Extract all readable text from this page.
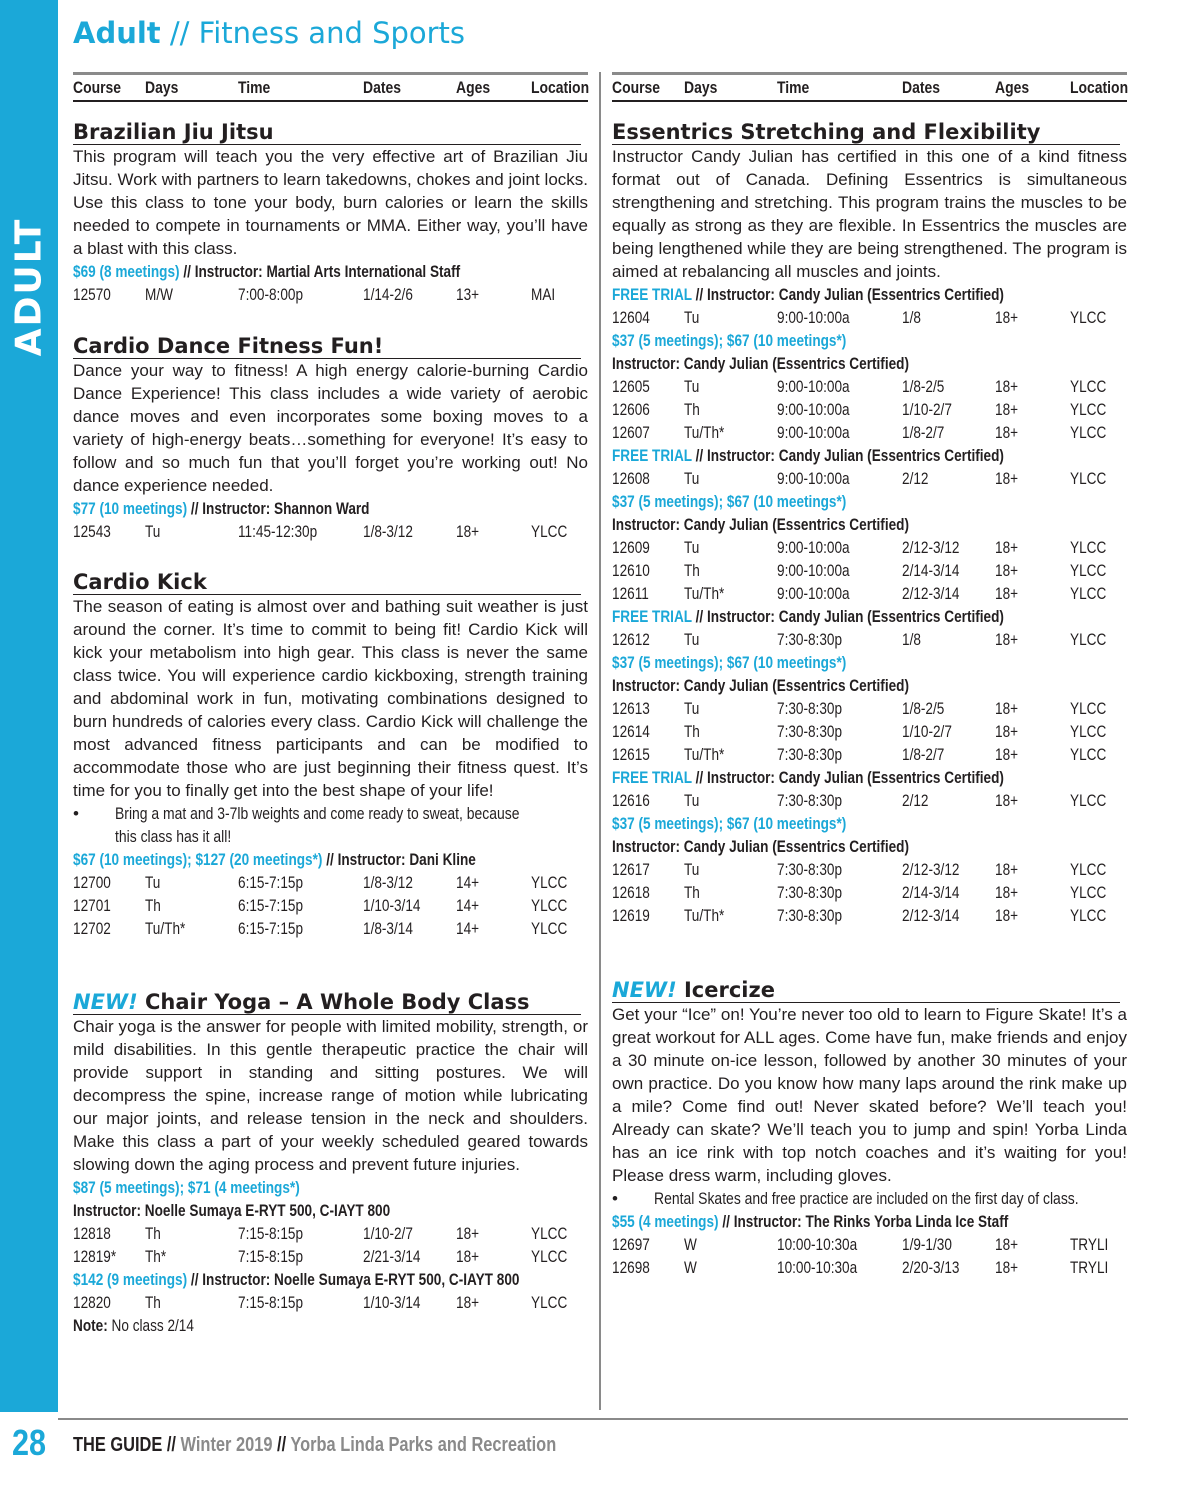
ADULT
28
Adult // Fitness and Sports
Course Days	Time	Dates	Ages Location
Brazilian Jiu Jitsu
This program will teach you the very effective art of Brazilian Jiu Jitsu. Work with partners to learn takedowns, chokes and joint locks. Use this class to tone your body, burn calories or learn the skills needed to compete in tournaments or MMA. Either way, you’ll have a blast with this class.
$69 (8 meetings) // Instructor: Martial Arts International Staff
12570 M/W	7:00-8:00p	1/14-2/6	13+	MAI
Cardio Dance Fitness Fun!
Dance your way to fitness! A high energy calorie-burning Cardio Dance Experience! This class includes a wide variety of aerobic dance moves and even incorporates some boxing moves to a variety of high-energy beats…something for everyone! It’s easy to follow and so much fun that you’ll forget you’re working out! No dance experience needed.
$77 (10 meetings) // Instructor: Shannon Ward
12543 Tu	11:45-12:30p	1/8-3/12	18+	YLCC
Cardio Kick
The season of eating is almost over and bathing suit weather is just around the corner. It’s time to commit to being fit! Cardio Kick will kick your metabolism into high gear. This class is never the same class twice. You will experience cardio kickboxing, strength training and abdominal work in fun, motivating combinations designed to burn hundreds of calories every class. Cardio Kick will challenge the most advanced fitness participants and can be modified to accommodate those who are just beginning their fitness quest. It’s time for you to finally get into the best shape of your life!
• Bring a mat and 3-7lb weights and come ready to sweat, because
this class has it all!
$67 (10 meetings); $127 (20 meetings*) // Instructor: Dani Kline
12700 Tu	6:15-7:15p	1/8-3/12	14+	YLCC
12701 Th	6:15-7:15p	1/10-3/14 14+	YLCC
12702 Tu/Th*	6:15-7:15p	1/8-3/14	14+	YLCC
NEW! Chair Yoga – A Whole Body Class
Chair yoga is the answer for people with limited mobility, strength, or mild disabilities. In this gentle therapeutic practice the chair will provide support in standing and sitting postures. We will decompress the spine, increase range of motion while lubricating our major joints, and release tension in the neck and shoulders. Make this class a part of your weekly scheduled geared towards slowing down the aging process and prevent future injuries.
$87 (5 meetings); $71 (4 meetings*)
Instructor: Noelle Sumaya E-RYT 500, C-IAYT 800
12818 Th	7:15-8:15p	1/10-2/7	18+	YLCC
12819* Th*	7:15-8:15p	2/21-3/14 18+	YLCC
$142 (9 meetings) // Instructor: Noelle Sumaya E-RYT 500, C-IAYT 800
12820 Th	7:15-8:15p	1/10-3/14 18+	YLCC
Note: No class 2/14
Course Days	Time	Dates	Ages Location
Essentrics Stretching and Flexibility
Instructor Candy Julian has certified in this one of a kind fitness format out of Canada. Defining Essentrics is simultaneous strengthening and stretching. This program trains the muscles to be equally as strong as they are flexible. In Essentrics the muscles are being lengthened while they are being strengthened. The program is aimed at rebalancing all muscles and joints.
FREE TRIAL // Instructor: Candy Julian (Essentrics Certified)
12604 Tu	9:00-10:00a	1/8	18+	YLCC
$37 (5 meetings); $67 (10 meetings*)
Instructor: Candy Julian (Essentrics Certified)
12605 Tu	9:00-10:00a	1/8-2/5	18+	YLCC
12606 Th	9:00-10:00a	1/10-2/7	18+	YLCC
12607 Tu/Th*	9:00-10:00a	1/8-2/7	18+	YLCC
FREE TRIAL // Instructor: Candy Julian (Essentrics Certified)
12608 Tu	9:00-10:00a	2/12	18+	YLCC
$37 (5 meetings); $67 (10 meetings*)
Instructor: Candy Julian (Essentrics Certified)
12609 Tu	9:00-10:00a	2/12-3/12 18+	YLCC
12610 Th	9:00-10:00a	2/14-3/14 18+	YLCC
12611 Tu/Th*	9:00-10:00a	2/12-3/14 18+	YLCC
FREE TRIAL // Instructor: Candy Julian (Essentrics Certified)
12612 Tu	7:30-8:30p	1/8	18+	YLCC
$37 (5 meetings); $67 (10 meetings*)
Instructor: Candy Julian (Essentrics Certified)
12613 Tu	7:30-8:30p	1/8-2/5	18+	YLCC
12614 Th	7:30-8:30p	1/10-2/7	18+	YLCC
12615 Tu/Th*	7:30-8:30p	1/8-2/7	18+	YLCC
FREE TRIAL // Instructor: Candy Julian (Essentrics Certified)
12616 Tu	7:30-8:30p	2/12	18+	YLCC
$37 (5 meetings); $67 (10 meetings*)
Instructor: Candy Julian (Essentrics Certified)
12617 Tu	7:30-8:30p	2/12-3/12 18+	YLCC
12618 Th	7:30-8:30p	2/14-3/14 18+	YLCC
12619 Tu/Th*	7:30-8:30p	2/12-3/14 18+	YLCC
NEW! Icercize
Get your “Ice” on! You’re never too old to learn to Figure Skate! It’s a great workout for ALL ages. Come have fun, make friends and enjoy a 30 minute on-ice lesson, followed by another 30 minutes of your own practice. Do you know how many laps around the rink make up a mile? Come find out! Never skated before? We’ll teach you! Already can skate? We’ll teach you to jump and spin! Yorba Linda has an ice rink with top notch coaches and it’s waiting for you! Please dress warm, including gloves.
• Rental Skates and free practice are included on the first day of class.
$55 (4 meetings) // Instructor: The Rinks Yorba Linda Ice Staff
12697 W	10:00-10:30a	1/9-1/30	18+	TRYLI
12698 W	10:00-10:30a	2/20-3/13 18+	TRYLI
THE GUIDE // Winter 2019 // Yorba Linda Parks and Recreation
